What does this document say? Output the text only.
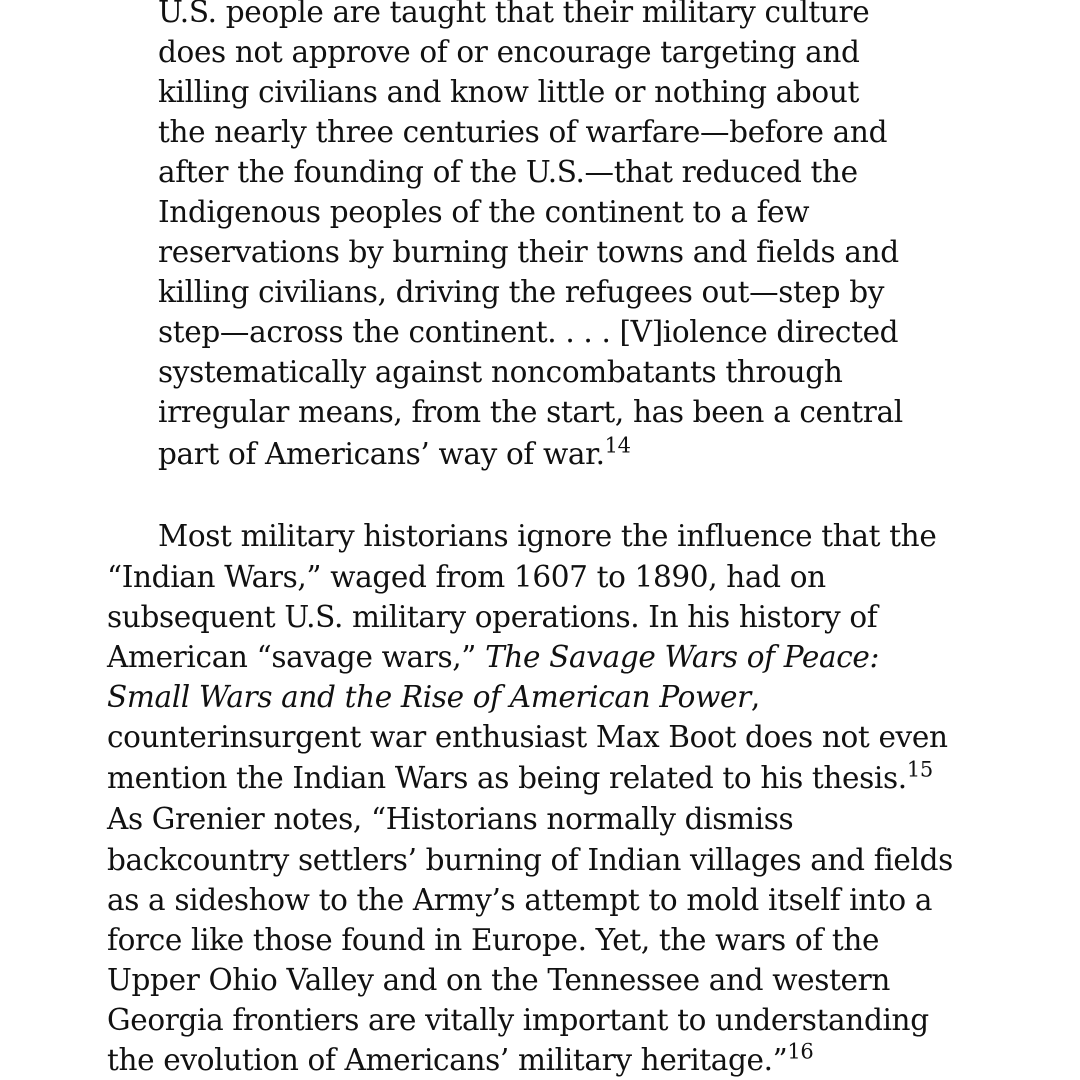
U.S. people are taught that their military culture

does not approve of or encourage targeting and

killing civilians and know little or nothing about

the nearly three centuries of warfare—before and

after the founding of the U.S.—that reduced the

Indigenous peoples of the continent to a few

reservations by burning their towns and fields and

killing civilians, driving the refugees out—step by

step—across the continent. . . . [V]iolence directed

systematically against noncombatants through

irregular means, from the start, has been a central

part of Americans’ way of war.$^{14}$

Most military historians ignore the influence that the

“Indian Wars,” waged from 1607 to 1890, had on

subsequent U.S. military operations. In his history of

American “savage wars,” The Savage Wars of Peace:

Small Wars and the Rise of American Power,

counterinsurgent war enthusiast Max Boot does not even

mention the Indian Wars as being related to his thesis.$^{15}$

As Grenier notes, “Historians normally dismiss

backcountry settlers’ burning of Indian villages and fields

as a sideshow to the Army’s attempt to mold itself into a

force like those found in Europe. Yet, the wars of the

Upper Ohio Valley and on the Tennessee and western

Georgia frontiers are vitally important to understanding

the evolution of Americans’ military heritage.”$^{16}$
